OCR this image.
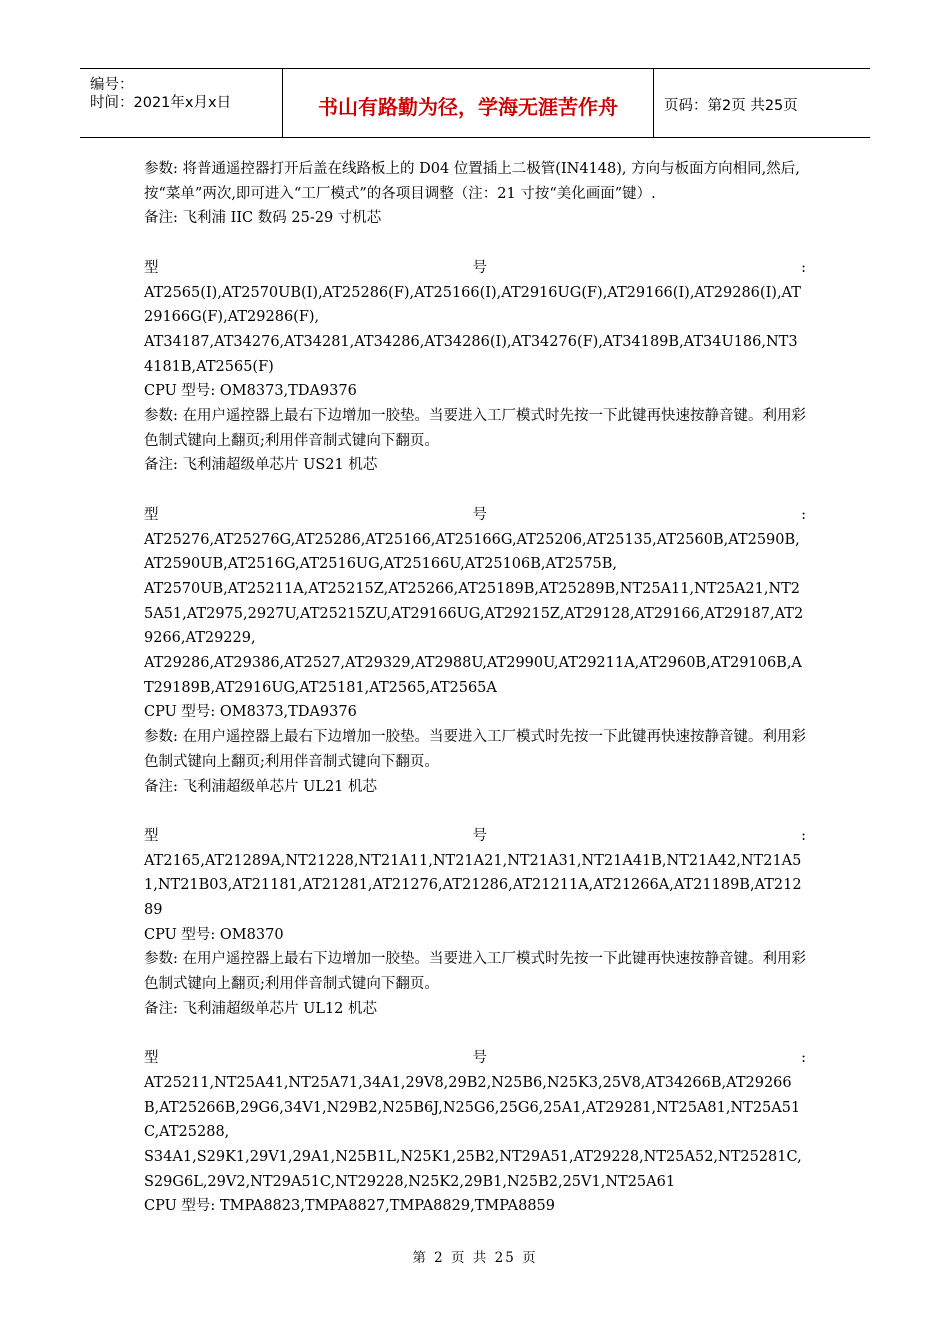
编号：
时间：2021年x月x日	书山有路勤为径，学海无涯苦作舟	页码：第2页 共25页

参数: 将普通遥控器打开后盖在线路板上的 D04 位置插上二极管(IN4148), 方向与板面方向相同,然后,按“菜单”两次,即可进入“工厂模式”的各项目调整（注：21 寸按“美化画面”键）.

备注: 飞利浦 IIC 数码 25-29 寸机芯

型	号	:

AT2565(I),AT2570UB(I),AT25286(F),AT25166(I),AT2916UG(F),AT29166(I),AT29286(I),AT29166G(F),AT29286(F),

AT34187,AT34276,AT34281,AT34286,AT34286(I),AT34276(F),AT34189B,AT34U186,NT34181B,AT2565(F)

CPU 型号: OM8373,TDA9376

参数: 在用户遥控器上最右下边增加一胶垫。当要进入工厂模式时先按一下此键再快速按静音键。利用彩色制式键向上翻页;利用伴音制式键向下翻页。

备注: 飞利浦超级单芯片 US21 机芯

型	号	:

AT25276,AT25276G,AT25286,AT25166,AT25166G,AT25206,AT25135,AT2560B,AT2590B,AT2590UB,AT2516G,AT2516UG,AT25166U,AT25106B,AT2575B,

AT2570UB,AT25211A,AT25215Z,AT25266,AT25189B,AT25289B,NT25A11,NT25A21,NT25A51,AT2975,2927U,AT25215ZU,AT29166UG,AT29215Z,AT29128,AT29166,AT29187,AT29266,AT29229,

AT29286,AT29386,AT2527,AT29329,AT2988U,AT2990U,AT29211A,AT2960B,AT29106B,AT29189B,AT2916UG,AT25181,AT2565,AT2565A

CPU 型号: OM8373,TDA9376

参数: 在用户遥控器上最右下边增加一胶垫。当要进入工厂模式时先按一下此键再快速按静音键。利用彩色制式键向上翻页;利用伴音制式键向下翻页。

备注: 飞利浦超级单芯片 UL21 机芯

型	号	:

AT2165,AT21289A,NT21228,NT21A11,NT21A21,NT21A31,NT21A41B,NT21A42,NT21A51,NT21B03,AT21181,AT21281,AT21276,AT21286,AT21211A,AT21266A,AT21189B,AT21289

CPU 型号: OM8370

参数: 在用户遥控器上最右下边增加一胶垫。当要进入工厂模式时先按一下此键再快速按静音键。利用彩色制式键向上翻页;利用伴音制式键向下翻页。

备注: 飞利浦超级单芯片 UL12 机芯

型	号	:

AT25211,NT25A41,NT25A71,34A1,29V8,29B2,N25B6,N25K3,25V8,AT34266B,AT29266B,AT25266B,29G6,34V1,N29B2,N25B6J,N25G6,25G6,25A1,AT29281,NT25A81,NT25A51C,AT25288,

S34A1,S29K1,29V1,29A1,N25B1L,N25K1,25B2,NT29A51,AT29228,NT25A52,NT25281C,S29G6L,29V2,NT29A51C,NT29228,N25K2,29B1,N25B2,25V1,NT25A61

CPU 型号: TMPA8823,TMPA8827,TMPA8829,TMPA8859

第 2 页 共 25 页
